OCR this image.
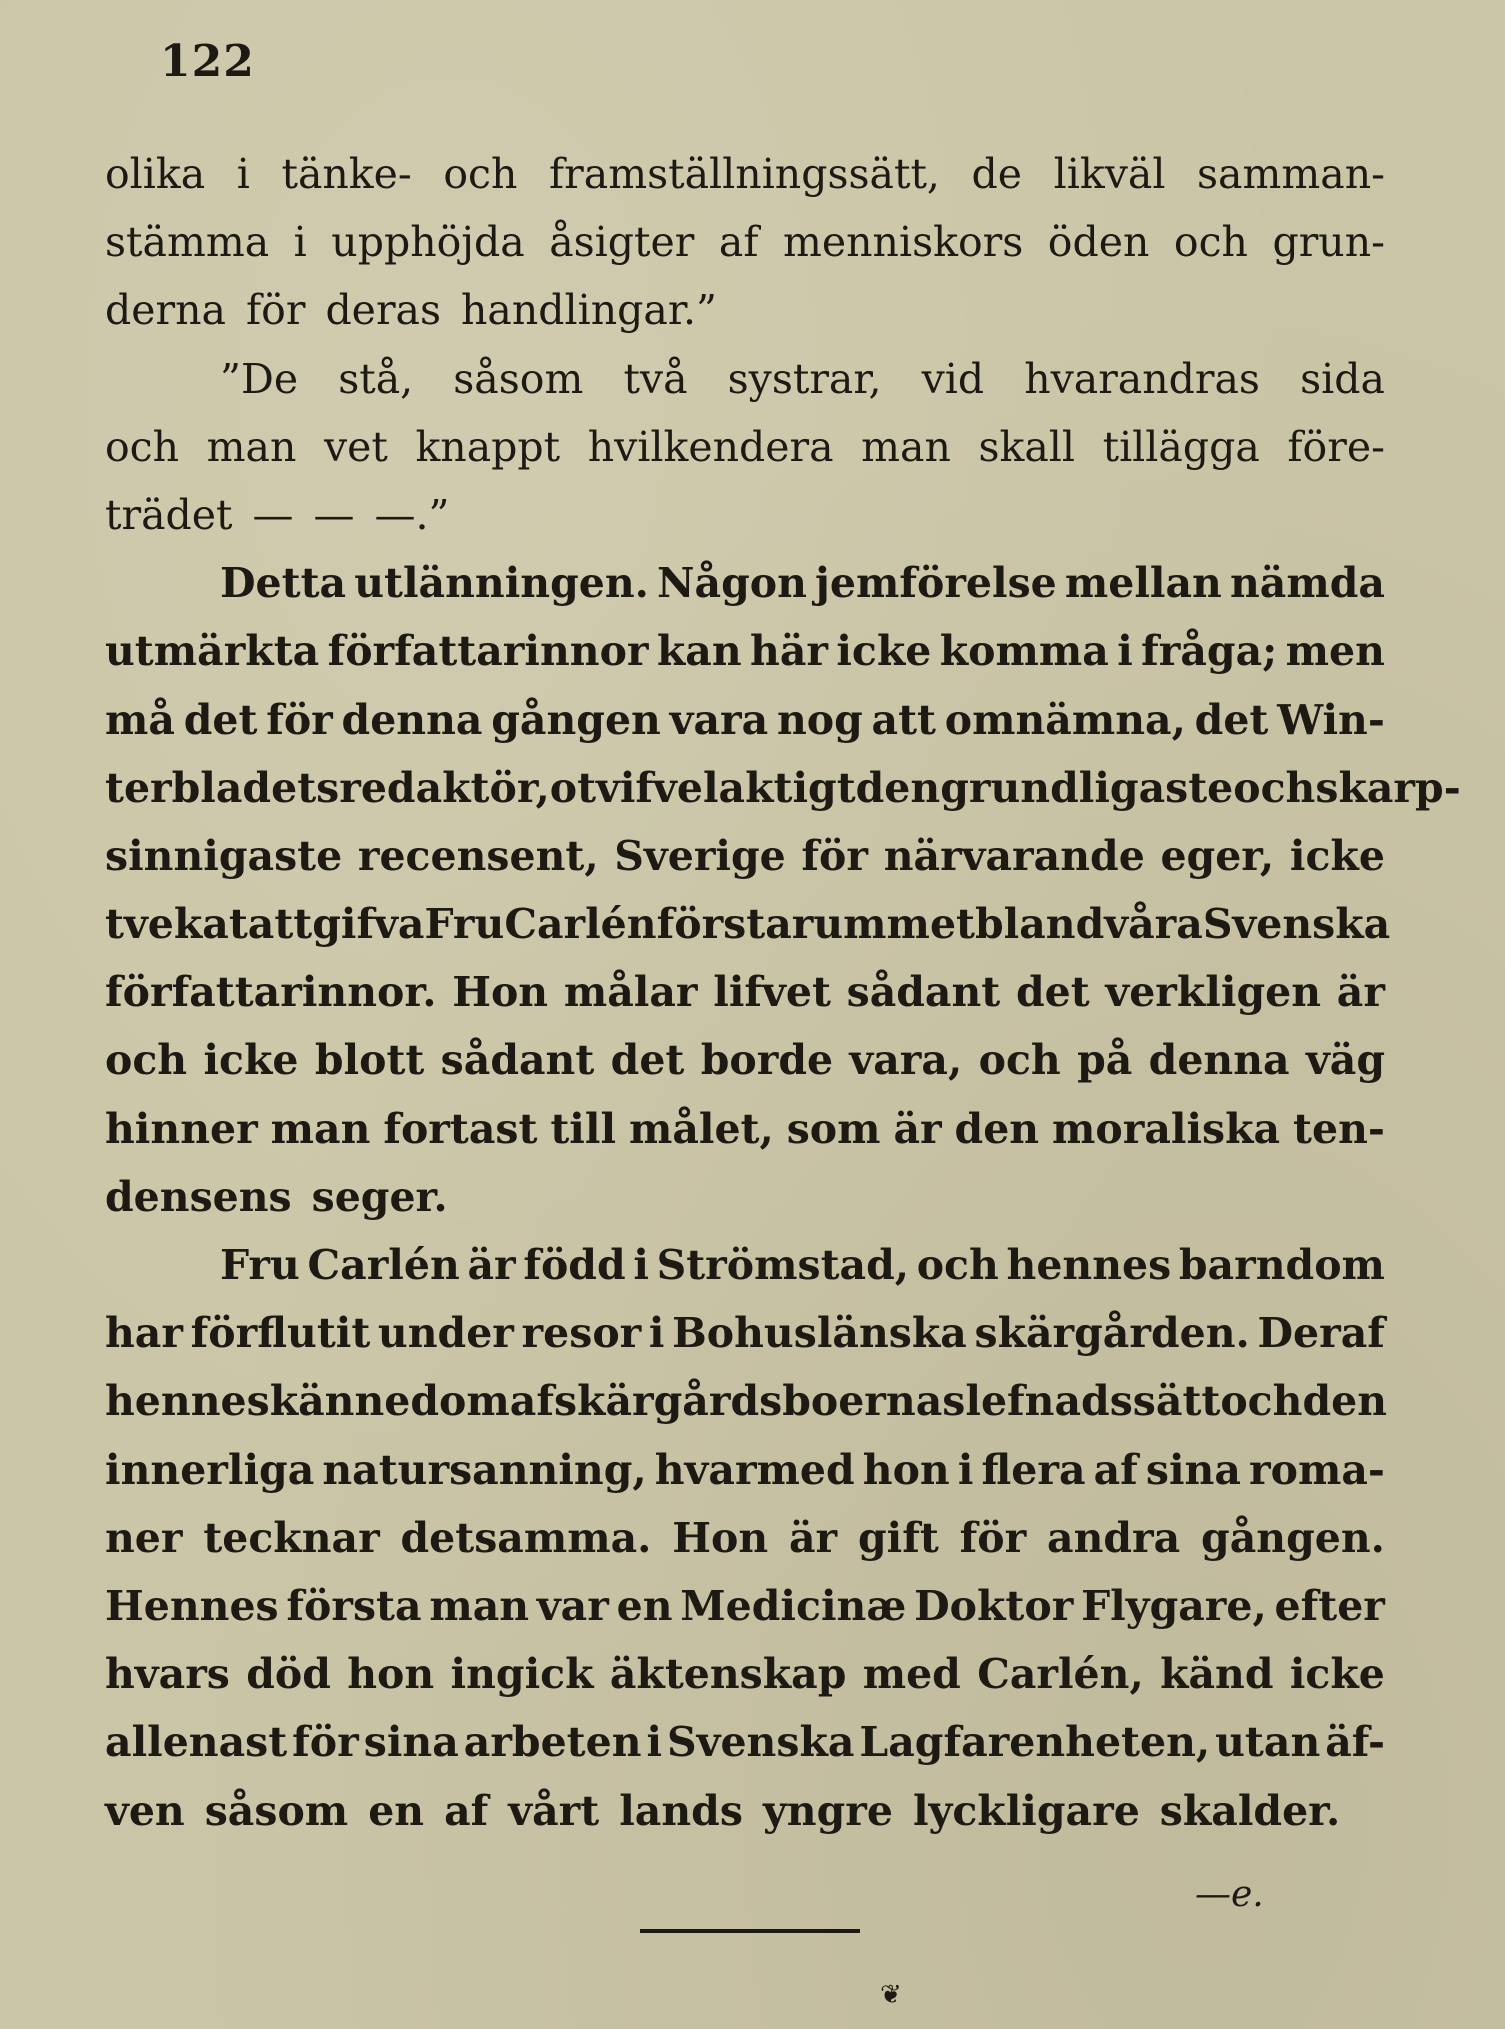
122
olika i tänke- och framställningssätt, de likväl samman-
stämma i upphöjda åsigter af menniskors öden och grun-
derna för deras handlingar.”
”De stå, såsom två systrar, vid hvarandras sida
och man vet knappt hvilkendera man skall tillägga före-
trädet — — —.”
Detta utlänningen. Någon jemförelse mellan nämda
utmärkta författarinnor kan här icke komma i fråga; men
må det för denna gången vara nog att omnämna, det Win-
terbladets redaktör, otvifvelaktigt den grundligaste och skarp-
sinnigaste recensent, Sverige för närvarande eger, icke
tvekat att gifva Fru Carlén första rummet bland våra Svenska
författarinnor. Hon målar lifvet sådant det verkligen är
och icke blott sådant det borde vara, och på denna väg
hinner man fortast till målet, som är den moraliska ten-
densens seger.
Fru Carlén är född i Strömstad, och hennes barndom
har förflutit under resor i Bohuslänska skärgården. Deraf
hennes kännedom af skärgårdsboernas lefnadssätt och den
innerliga natursanning, hvarmed hon i flera af sina roma-
ner tecknar detsamma. Hon är gift för andra gången.
Hennes första man var en Medicinæ Doktor Flygare, efter
hvars död hon ingick äktenskap med Carlén, känd icke
allenast för sina arbeten i Svenska Lagfarenheten, utan äf-
ven såsom en af vårt lands yngre lyckligare skalder.
—e.
❦
